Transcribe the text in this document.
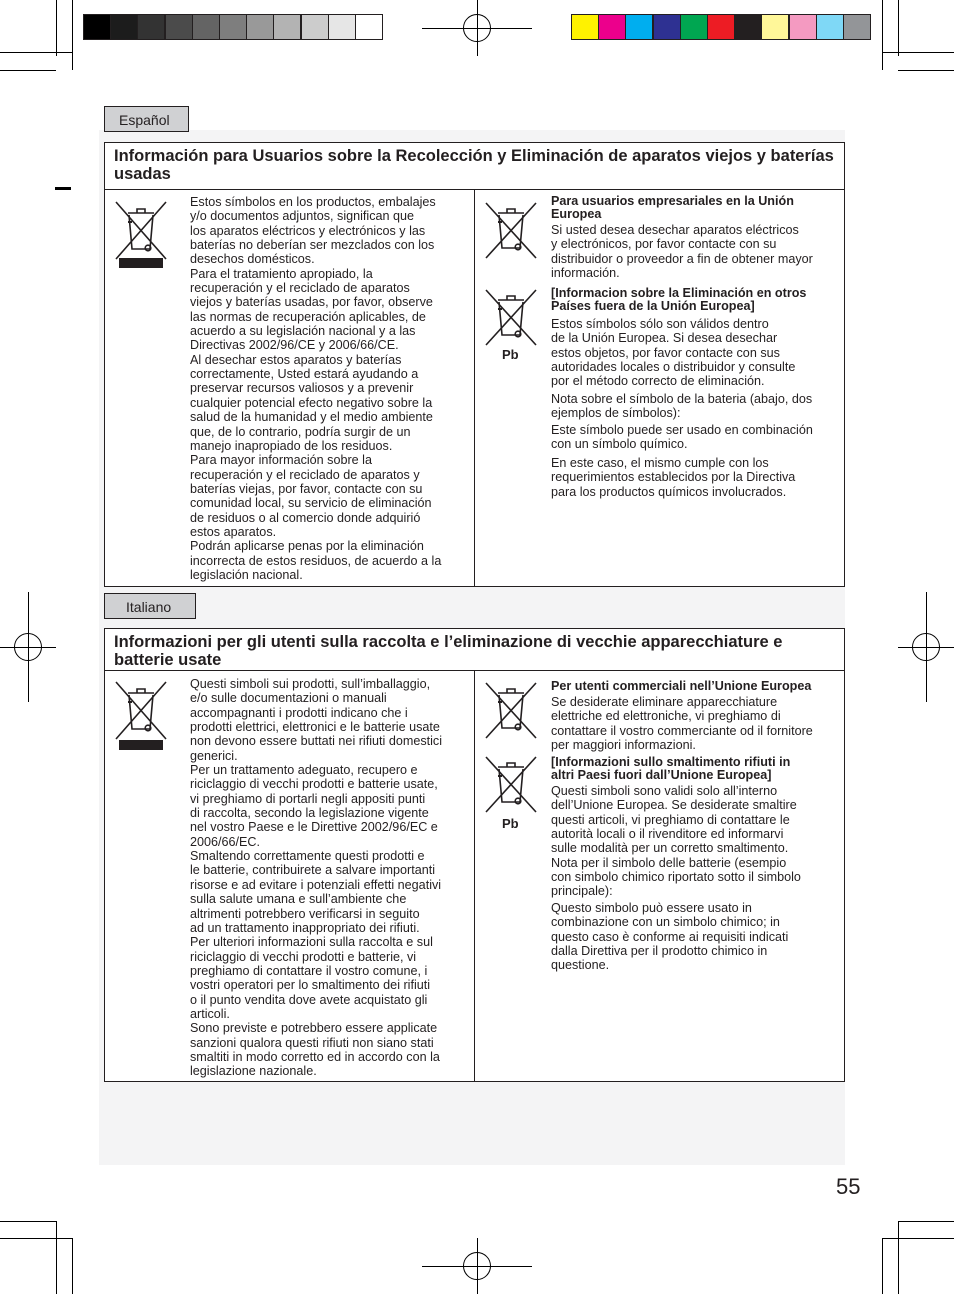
Español
Información para Usuarios sobre la Recolección y Eliminación de aparatos viejos y baterías usadas

Estos símbolos en los productos, embalajes
y/o documentos adjuntos, significan que
los aparatos eléctricos y electrónicos y las
baterías no deberían ser mezclados con los
desechos domésticos.
Para el tratamiento apropiado, la
recuperación y el reciclado de aparatos
viejos y baterías usadas, por favor, observe
las normas de recuperación aplicables, de
acuerdo a su legislación nacional y a las
Directivas 2002/96/CE y 2006/66/CE.
Al desechar estos aparatos y baterías
correctamente, Usted estará ayudando a
preservar recursos valiosos y a prevenir
cualquier potencial efecto negativo sobre la
salud de la humanidad y el medio ambiente
que, de lo contrario, podría surgir de un
manejo inapropiado de los residuos.
Para mayor información sobre la
recuperación y el reciclado de aparatos y
baterías viejas, por favor, contacte con su
comunidad local, su servicio de eliminación
de residuos o al comercio donde adquirió
estos aparatos.
Podrán aplicarse penas por la eliminación
incorrecta de estos residuos, de acuerdo a la
legislación nacional.

Pb
Para usuarios empresariales en la Unión
Europea

Si usted desea desechar aparatos eléctricos
y electrónicos, por favor contacte con su
distribuidor o proveedor a fin de obtener mayor
información.

[Informacion sobre la Eliminación en otros
Países fuera de la Unión Europea]

Estos símbolos sólo son válidos dentro
de la Unión Europea. Si desea desechar
estos objetos, por favor contacte con sus
autoridades locales o distribuidor y consulte
por el método correcto de eliminación.

Nota sobre el símbolo de la bateria (abajo, dos
ejemplos de símbolos):

Este símbolo puede ser usado en combinación
con un símbolo químico.

En este caso, el mismo cumple con los
requerimientos establecidos por la Directiva
para los productos químicos involucrados.

Italiano
Informazioni per gli utenti sulla raccolta e l’eliminazione di vecchie apparecchiature e batterie usate

Questi simboli sui prodotti, sull’imballaggio,
e/o sulle documentazioni o manuali
accompagnanti i prodotti indicano che i
prodotti elettrici, elettronici e le batterie usate
non devono essere buttati nei rifiuti domestici
generici.
Per un trattamento adeguato, recupero e
riciclaggio di vecchi prodotti e batterie usate,
vi preghiamo di portarli negli appositi punti
di raccolta, secondo la legislazione vigente
nel vostro Paese e le Direttive 2002/96/EC e
2006/66/EC.
Smaltendo correttamente questi prodotti e
le batterie, contribuirete a salvare importanti
risorse e ad evitare i potenziali effetti negativi
sulla salute umana e sull’ambiente che
altrimenti potrebbero verificarsi in seguito
ad un trattamento inappropriato dei rifiuti.
Per ulteriori informazioni sulla raccolta e sul
riciclaggio di vecchi prodotti e batterie, vi
preghiamo di contattare il vostro comune, i
vostri operatori per lo smaltimento dei rifiuti
o il punto vendita dove avete acquistato gli
articoli.
Sono previste e potrebbero essere applicate
sanzioni qualora questi rifiuti non siano stati
smaltiti in modo corretto ed in accordo con la
legislazione nazionale.

Pb
Per utenti commerciali nell’Unione Europea

Se desiderate eliminare apparecchiature
elettriche ed elettroniche, vi preghiamo di
contattare il vostro commerciante od il fornitore
per maggiori informazioni.

[Informazioni sullo smaltimento rifiuti in
altri Paesi fuori dall’Unione Europea]

Questi simboli sono validi solo all’interno
dell’Unione Europea. Se desiderate smaltire
questi articoli, vi preghiamo di contattare le
autorità locali o il rivenditore ed informarvi
sulle modalità per un corretto smaltimento.
Nota per il simbolo delle batterie (esempio
con simbolo chimico riportato sotto il simbolo
principale):

Questo simbolo può essere usato in
combinazione con un simbolo chimico; in
questo caso è conforme ai requisiti indicati
dalla Direttiva per il prodotto chimico in
questione.

55
